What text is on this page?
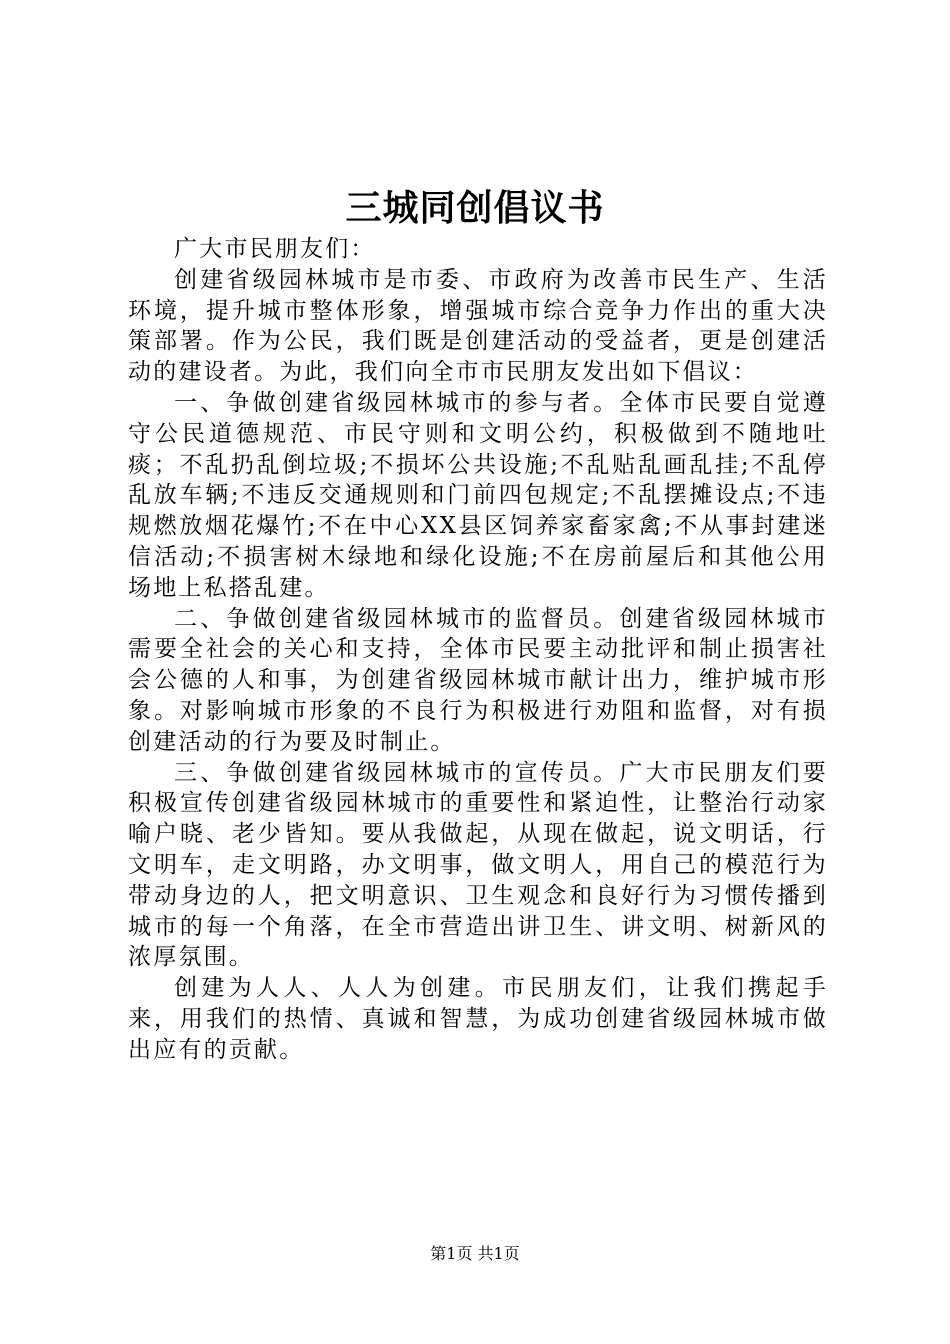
三城同创倡议书

广大市民朋友们：

创建省级园林城市是市委、市政府为改善市民生产、生活环境，提升城市整体形象，增强城市综合竞争力作出的重大决策部署。作为公民，我们既是创建活动的受益者，更是创建活动的建设者。为此，我们向全市市民朋友发出如下倡议：

一、争做创建省级园林城市的参与者。全体市民要自觉遵守公民道德规范、市民守则和文明公约，积极做到不随地吐痰；不乱扔乱倒垃圾;不损坏公共设施;不乱贴乱画乱挂;不乱停乱放车辆;不违反交通规则和门前四包规定;不乱摆摊设点;不违规燃放烟花爆竹;不在中心XX县区饲养家畜家禽;不从事封建迷信活动;不损害树木绿地和绿化设施;不在房前屋后和其他公用场地上私搭乱建。

二、争做创建省级园林城市的监督员。创建省级园林城市需要全社会的关心和支持，全体市民要主动批评和制止损害社会公德的人和事，为创建省级园林城市献计出力，维护城市形象。对影响城市形象的不良行为积极进行劝阻和监督，对有损创建活动的行为要及时制止。

三、争做创建省级园林城市的宣传员。广大市民朋友们要积极宣传创建省级园林城市的重要性和紧迫性，让整治行动家喻户晓、老少皆知。要从我做起，从现在做起，说文明话，行文明车，走文明路，办文明事，做文明人，用自己的模范行为带动身边的人，把文明意识、卫生观念和良好行为习惯传播到城市的每一个角落，在全市营造出讲卫生、讲文明、树新风的浓厚氛围。

创建为人人、人人为创建。市民朋友们，让我们携起手来，用我们的热情、真诚和智慧，为成功创建省级园林城市做出应有的贡献。

第1页 共1页
